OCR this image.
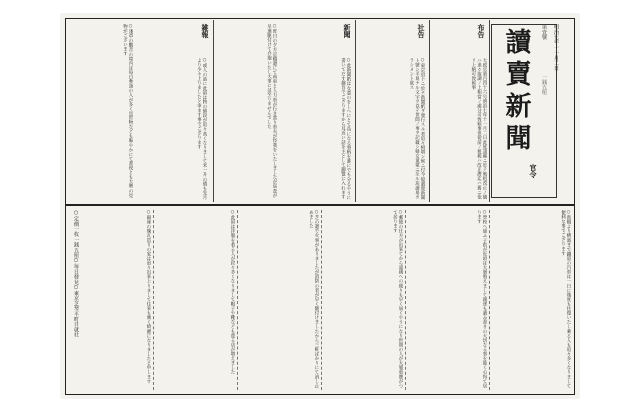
明治七年十一月二日
第壹號
一銭五厘
讀賣新聞
官令
布告
大政官第百四十六号明治七年十一月二日此度諸縣ニ於テ地租改正ノ儀ハ追々取調ノ上相當ノ處分可致候事但從前ノ租税ハ改正濟迄ハ舊ニ依リ上納可致候事
社告
○東京府下ニ於テ新聞紙ヲ發行スル者追々相増シ候ニ付今般讀賣新聞ト號シ平易ナル文字ヲ以テ世間ノ事ヲ記載シ婦女童蒙ニ至ル迄讀易カラシメント欲ス
新聞
○此新聞紙は女童のをしへにとて爲になる事柄を誰にでも分るやうに書いてだす趣旨でござりますから耳近い話を主として御覽に入れます
○昨日の夕方京橋邊にて荷車と人力車が行き當り車夫が怪我をいたしましたが巡査が早速駆付けて介抱いたし大事には至りませんでした
雑報
○或人の話に此頃は物の値段が追々高くなりまして米一升の價も先月より少々上りましたと申ます事でござります
○淺草の觀音の境内は毎日參詣の人が多く見世物なども賑やかにて晝夜とも大勢の見物がございます
○新橋より横濱まで鐵道の汽車は一日に幾度も往復いたし乘る人も追々多くなりまして便利な事でござります
○學校へ通ふ子供が近頃は大層殖えまして親達も讀み書きの大切なる事を能く心得て居ります
○郵便の仕方が出來てから遠國への便りも早く屆くやうになり世間の人が大層重寶がつて居ります
○芝の邊で火事がありましたが消防の者が早く駆付けましたから三軒ばかりにて消し止めました
○此頃は洋服を着る人が段々多くなりまして帽子や靴なども賣る店が増えました
○銀座の煉瓦造りの家は追々出來上りまして往來も廣く綺麗になりましたと申します
○定價一枚一銭五厘○毎日發兌○東京芝琴平町日就社
